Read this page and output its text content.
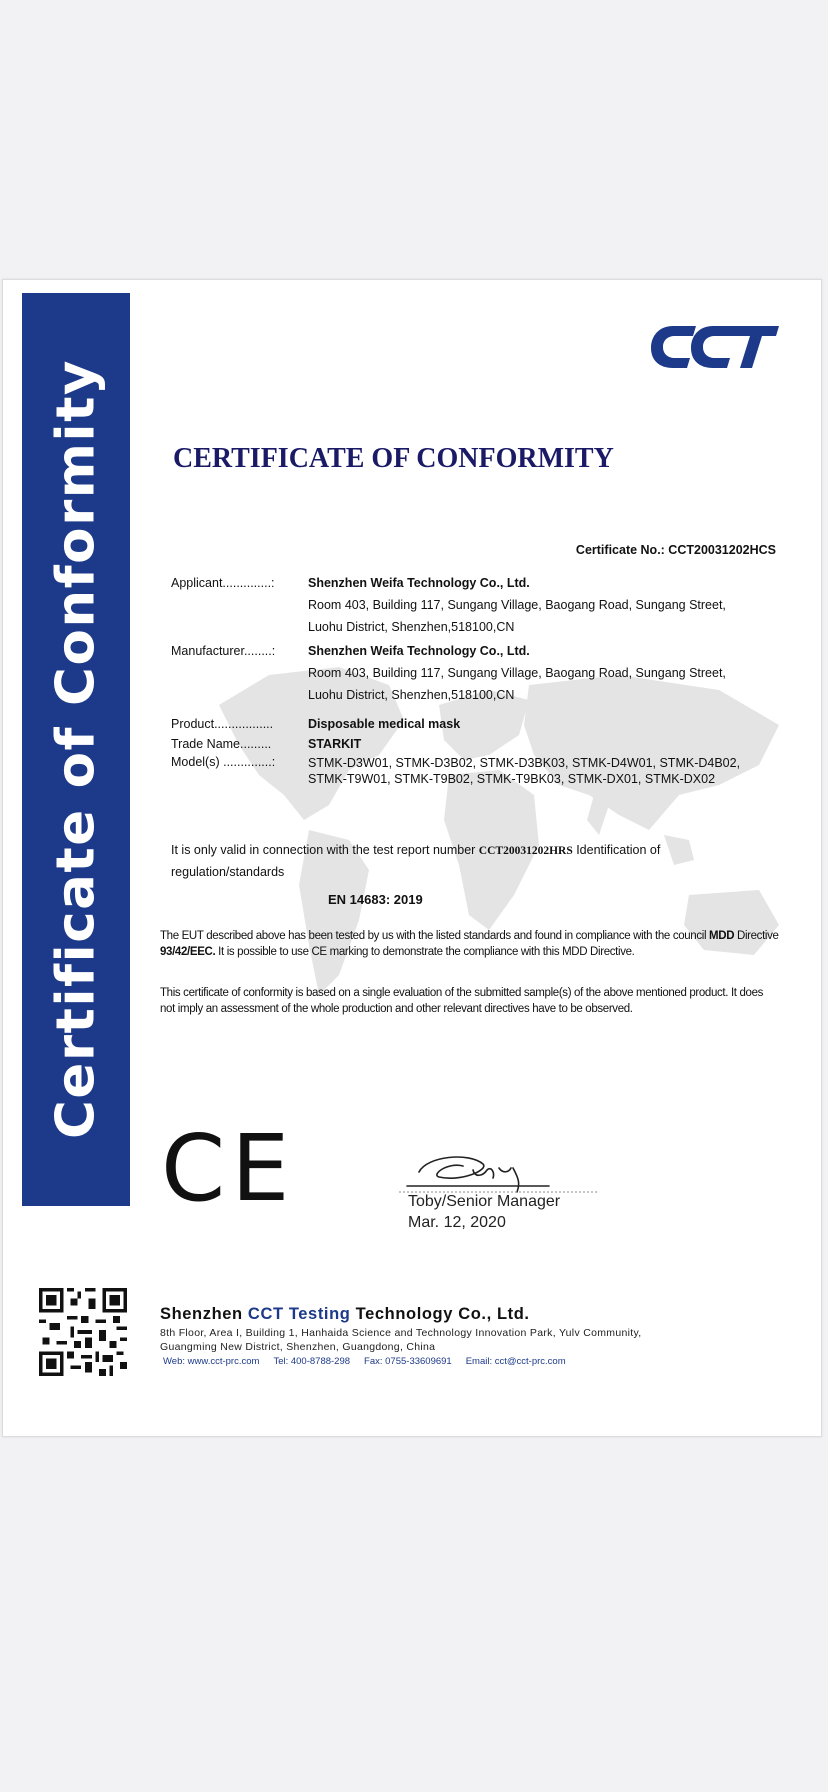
Certificate of Conformity CERTIFICATE OF CONFORMITY
Certificate No.: CCT20031202HCS
Applicant..............:	Shenzhen Weifa Technology Co., Ltd.
Room 403, Building 117, Sungang Village, Baogang Road, Sungang Street,
Luohu District, Shenzhen,518100,CN
Manufacturer........:	Shenzhen Weifa Technology Co., Ltd.
Room 403, Building 117, Sungang Village, Baogang Road, Sungang Street,
Luohu District, Shenzhen,518100,CN
Product.................	Disposable medical mask
Trade Name.........	STARKIT
Model(s) ..............:	STMK-D3W01, STMK-D3B02, STMK-D3BK03, STMK-D4W01, STMK-D4B02, STMK-T9W01, STMK-T9B02, STMK-T9BK03, STMK-DX01, STMK-DX02
It is only valid in connection with the test report number CCT20031202HRS Identification of regulation/standards
EN 14683: 2019
The EUT described above has been tested by us with the listed standards and found in compliance with the council MDD Directive 93/42/EEC. It is possible to use CE marking to demonstrate the compliance with this MDD Directive.
This certificate of conformity is based on a single evaluation of the submitted sample(s) of the above mentioned product. It does not imply an assessment of the whole production and other relevant directives have to be observed.
CE	Toby/Senior Manager
Mar. 12, 2020
Shenzhen CCT Testing Technology Co., Ltd.
8th Floor, Area I, Building 1, Hanhaida Science and Technology Innovation Park, Yulv Community,
Guangming New District, Shenzhen, Guangdong, China
Web: www.cct-prc.com Tel: 400-8788-298 Fax: 0755-33609691 Email: cct@cct-prc.com
